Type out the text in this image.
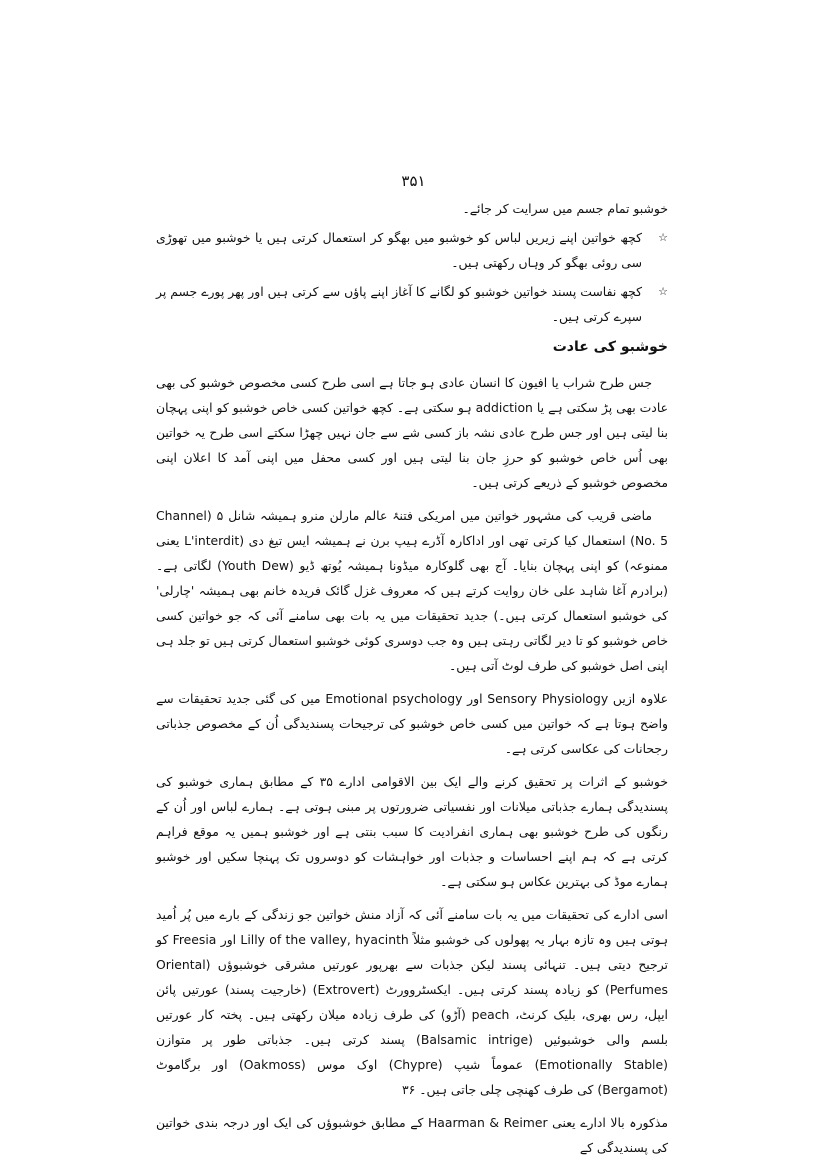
۳۵۱

خوشبو تمام جسم میں سرایت کر جائے۔

☆
کچھ خواتین اپنے زیریں لباس کو خوشبو میں بھگو کر استعمال کرتی ہیں یا خوشبو میں تھوڑی سی روئی بھگو کر وہاں رکھتی ہیں۔
☆
کچھ نفاست پسند خواتین خوشبو کو لگانے کا آغاز اپنے پاؤں سے کرتی ہیں اور پھر پورے جسم پر سپرے کرتی ہیں۔
خوشبو کی عادت

جس طرح شراب یا افیون کا انسان عادی ہو جاتا ہے اسی طرح کسی مخصوص خوشبو کی بھی عادت بھی پڑ سکتی ہے یا addiction ہو سکتی ہے۔ کچھ خواتین کسی خاص خوشبو کو اپنی پہچان بنا لیتی ہیں اور جس طرح عادی نشہ باز کسی شے سے جان نہیں چھڑا سکتے اسی طرح یہ خواتین بھی اُس خاص خوشبو کو حرزِ جان بنا لیتی ہیں اور کسی محفل میں اپنی آمد کا اعلان اپنی مخصوص خوشبو کے ذریعے کرتی ہیں۔

ماضی قریب کی مشہور خواتین میں امریکی فتنۂ عالم مارلن منرو ہمیشہ شانل ۵ (Channel No. 5) استعمال کیا کرتی تھی اور اداکارہ آڈرے ہیپ برن نے ہمیشہ ایس تیغ دی (L'interdit یعنی ممنوعہ) کو اپنی پہچان بنایا۔ آج بھی گلوکارہ میڈونا ہمیشہ یُوتھ ڈیو (Youth Dew) لگاتی ہے۔ (برادرم آغا شاہد علی خان روایت کرتے ہیں کہ معروف غزل گائک فریدہ خانم بھی ہمیشہ 'چارلی' کی خوشبو استعمال کرتی ہیں۔) جدید تحقیقات میں یہ بات بھی سامنے آئی کہ جو خواتین کسی خاص خوشبو کو تا دیر لگاتی رہتی ہیں وہ جب دوسری کوئی خوشبو استعمال کرتی ہیں تو جلد ہی اپنی اصل خوشبو کی طرف لوٹ آتی ہیں۔

علاوہ ازیں Sensory Physiology اور Emotional psychology میں کی گئی جدید تحقیقات سے واضح ہوتا ہے کہ خواتین میں کسی خاص خوشبو کی ترجیحات پسندیدگی اُن کے مخصوص جذباتی رجحانات کی عکاسی کرتی ہے۔

خوشبو کے اثرات پر تحقیق کرنے والے ایک بین الاقوامی ادارے ۳۵ کے مطابق ہماری خوشبو کی پسندیدگی ہمارے جذباتی میلانات اور نفسیاتی ضرورتوں پر مبنی ہوتی ہے۔ ہمارے لباس اور اُن کے رنگوں کی طرح خوشبو بھی ہماری انفرادیت کا سبب بنتی ہے اور خوشبو ہمیں یہ موقع فراہم کرتی ہے کہ ہم اپنے احساسات و جذبات اور خواہشات کو دوسروں تک پہنچا سکیں اور خوشبو ہمارے موڈ کی بہترین عکاس ہو سکتی ہے۔

اسی ادارے کی تحقیقات میں یہ بات سامنے آئی کہ آزاد منش خواتین جو زندگی کے بارے میں پُر اُمید ہوتی ہیں وہ تازہ بہار یہ پھولوں کی خوشبو مثلاً Lilly of the valley, hyacinth اور Freesia کو ترجیح دیتی ہیں۔ تنہائی پسند لیکن جذبات سے بھرپور عورتیں مشرقی خوشبوؤں (Oriental Perfumes) کو زیادہ پسند کرتی ہیں۔ ایکسٹروورٹ (Extrovert) (خارجیت پسند) عورتیں پائن ایپل، رس بھری، بلیک کرنٹ، peach (آڑو) کی طرف زیادہ میلان رکھتی ہیں۔ پختہ کار عورتیں بلسم والی خوشبوئیں (Balsamic intrige) پسند کرتی ہیں۔ جذباتی طور پر متوازن (Emotionally Stable) عموماً شیپ (Chypre) اوک موس (Oakmoss) اور برگاموٹ (Bergamot) کی طرف کھنچی چلی جاتی ہیں۔ ۳۶

مذکورہ بالا ادارے یعنی Haarman & Reimer کے مطابق خوشبوؤں کی ایک اور درجہ بندی خواتین کی پسندیدگی کے
